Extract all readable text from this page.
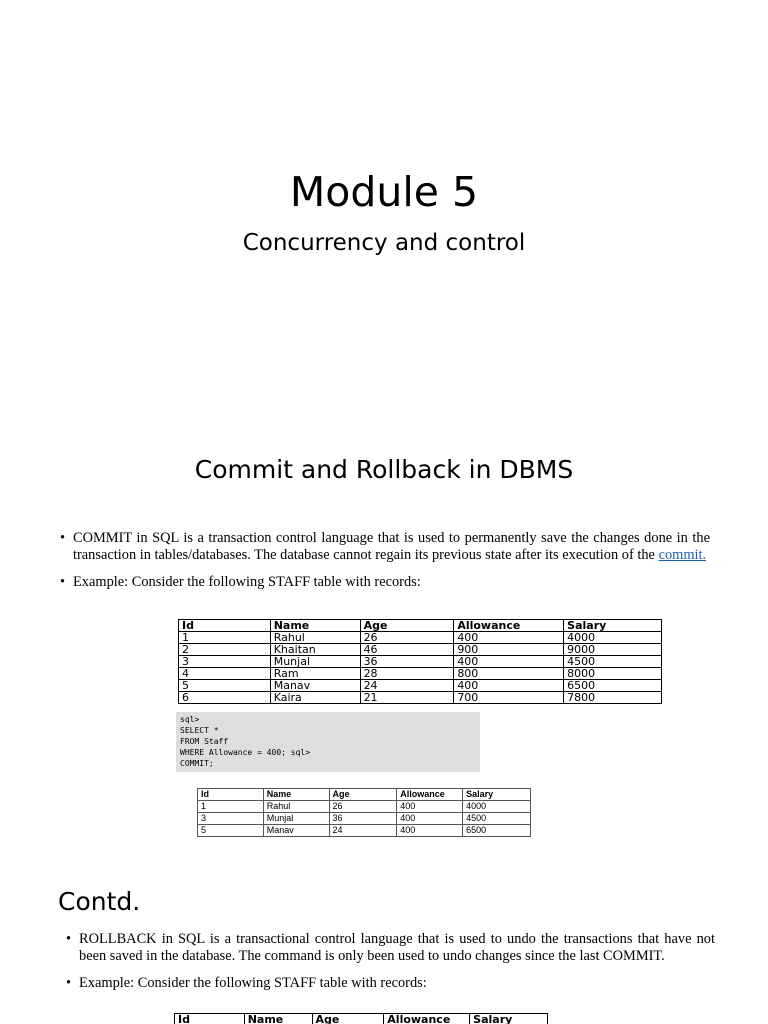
Module 5
Concurrency and control
Commit and Rollback in DBMS
• COMMIT in SQL is a transaction control language that is used to permanently save the changes done in the transaction in tables/databases. The database cannot regain its previous state after its execution of the commit.
• Example: Consider the following STAFF table with records:
Id	Name	Age	Allowance	Salary
1	Rahul	26	400	4000
2	Khaitan	46	900	9000
3	Munjal	36	400	4500
4	Ram	28	800	8000
5	Manav	24	400	6500
6	Kaira	21	700	7800
sql>
SELECT *
FROM Staff
WHERE Allowance = 400; sql>
COMMIT;
Id	Name	Age	Allowance	Salary
1	Rahul	26	400	4000
3	Munjal	36	400	4500
5	Manav	24	400	6500
Contd.
• ROLLBACK in SQL is a transactional control language that is used to undo the transactions that have not been saved in the database. The command is only been used to undo changes since the last COMMIT.
• Example: Consider the following STAFF table with records:
Id	Name	Age	Allowance	Salary
